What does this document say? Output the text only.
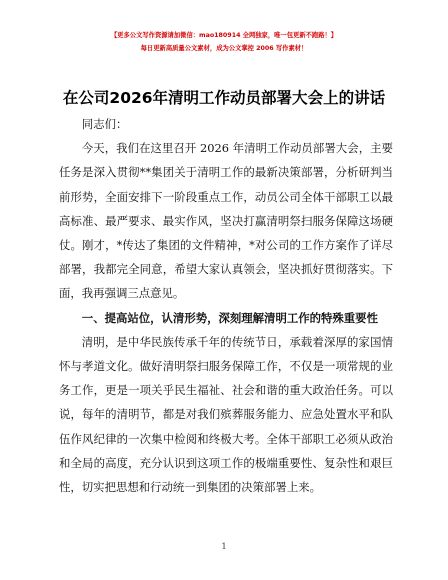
【更多公文写作资源请加微信：mao180914 全网独家，唯一包更新不跑路！】
每日更新高质量公文素材，成为公文掌控 2006 写作素材！
在公司2026年清明工作动员部署大会上的讲话

同志们：

今天，我们在这里召开 2026 年清明工作动员部署大会，主要任务是深入贯彻**集团关于清明工作的最新决策部署，分析研判当前形势，全面安排下一阶段重点工作，动员公司全体干部职工以最高标准、最严要求、最实作风，坚决打赢清明祭扫服务保障这场硬仗。刚才，*传达了集团的文件精神，*对公司的工作方案作了详尽部署，我都完全同意，希望大家认真领会，坚决抓好贯彻落实。下面，我再强调三点意见。

一、提高站位，认清形势，深刻理解清明工作的特殊重要性

清明，是中华民族传承千年的传统节日，承载着深厚的家国情怀与孝道文化。做好清明祭扫服务保障工作，不仅是一项常规的业务工作，更是一项关乎民生福祉、社会和谐的重大政治任务。可以说，每年的清明节，都是对我们殡葬服务能力、应急处置水平和队伍作风纪律的一次集中检阅和终极大考。全体干部职工必须从政治和全局的高度，充分认识到这项工作的极端重要性、复杂性和艰巨性，切实把思想和行动统一到集团的决策部署上来。

1
